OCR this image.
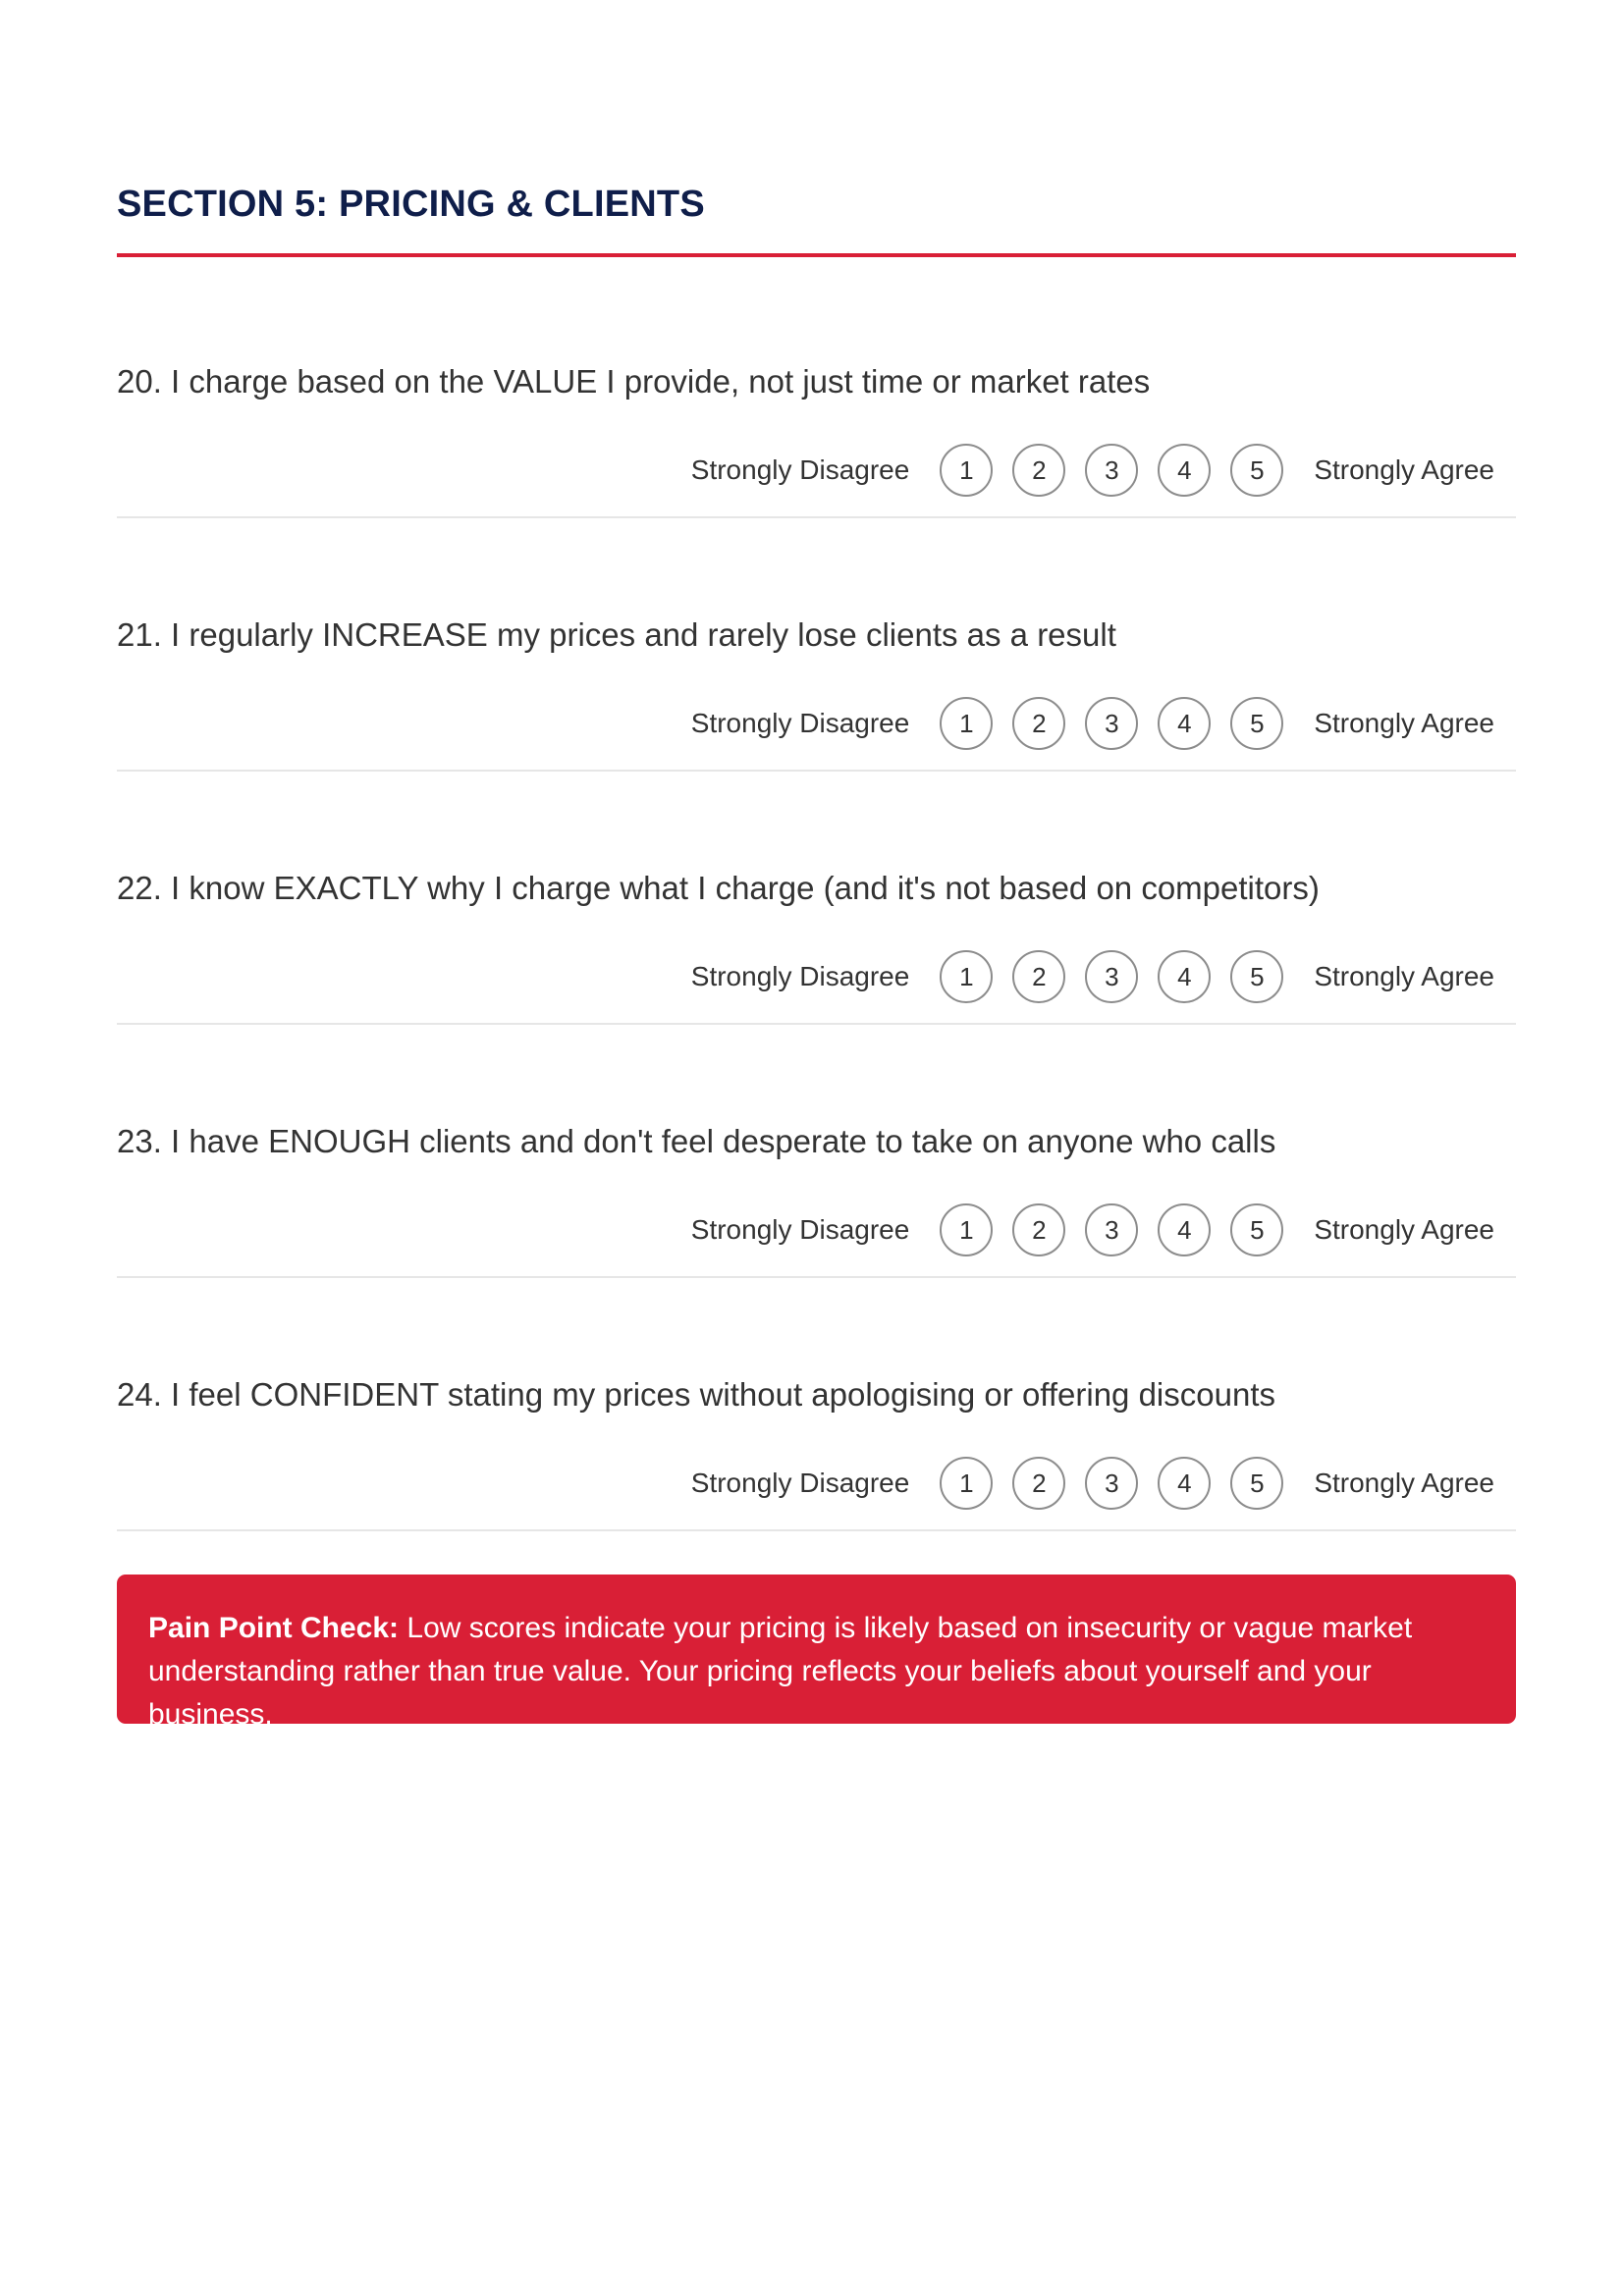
SECTION 5: PRICING & CLIENTS
20. I charge based on the VALUE I provide, not just time or market rates
Strongly Disagree	1	2	3	4	5	Strongly Agree
21. I regularly INCREASE my prices and rarely lose clients as a result
Strongly Disagree	1	2	3	4	5	Strongly Agree
22. I know EXACTLY why I charge what I charge (and it's not based on competitors)
Strongly Disagree	1	2	3	4	5	Strongly Agree
23. I have ENOUGH clients and don't feel desperate to take on anyone who calls
Strongly Disagree	1	2	3	4	5	Strongly Agree
24. I feel CONFIDENT stating my prices without apologising or offering discounts
Strongly Disagree	1	2	3	4	5	Strongly Agree
Pain Point Check: Low scores indicate your pricing is likely based on insecurity or vague market understanding rather than true value. Your pricing reflects your beliefs about yourself and your business.
